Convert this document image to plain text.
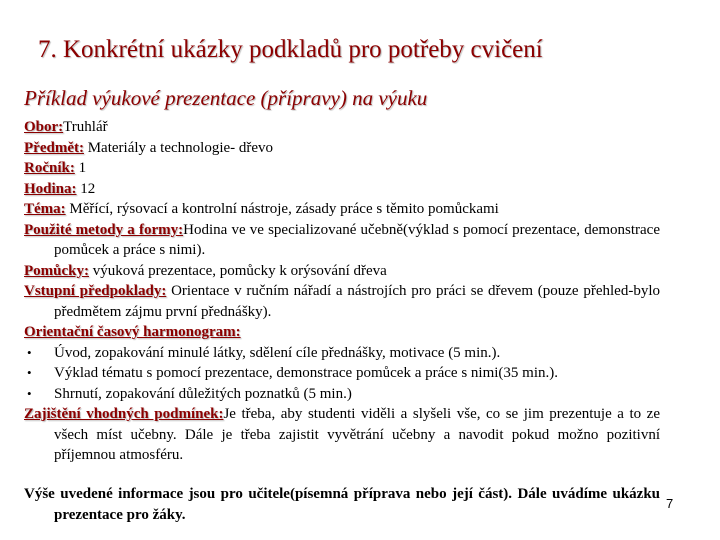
7. Konkrétní ukázky podkladů pro potřeby cvičení
Příklad výukové prezentace (přípravy) na výuku

Obor:Truhlář

Předmět: Materiály a technologie- dřevo

Ročník: 1

Hodina: 12

Téma: Měřící, rýsovací a kontrolní nástroje, zásady práce s těmito pomůckami

Použité metody a formy:Hodina ve ve specializované učebně(výklad s pomocí prezentace, demonstrace pomůcek a práce s nimi).

Pomůcky: výuková prezentace, pomůcky k orýsování dřeva

Vstupní předpoklady: Orientace v ručním nářadí a nástrojích pro práci se dřevem (pouze přehled-bylo předmětem zájmu první přednášky).

Orientační časový harmonogram:

•	Úvod, zopakování minulé látky, sdělení cíle přednášky, motivace (5 min.).
•	Výklad tématu s pomocí prezentace, demonstrace pomůcek a práce s nimi(35 min.).
•	Shrnutí, zopakování důležitých poznatků (5 min.)

Zajištění vhodných podmínek:Je třeba, aby studenti viděli a slyšeli vše, co se jim prezentuje a to ze všech míst učebny. Dále je třeba zajistit vyvětrání učebny a navodit pokud možno pozitivní příjemnou atmosféru.

Výše uvedené informace jsou pro učitele(písemná příprava nebo její část). Dále uvádíme ukázku prezentace pro žáky.
7
